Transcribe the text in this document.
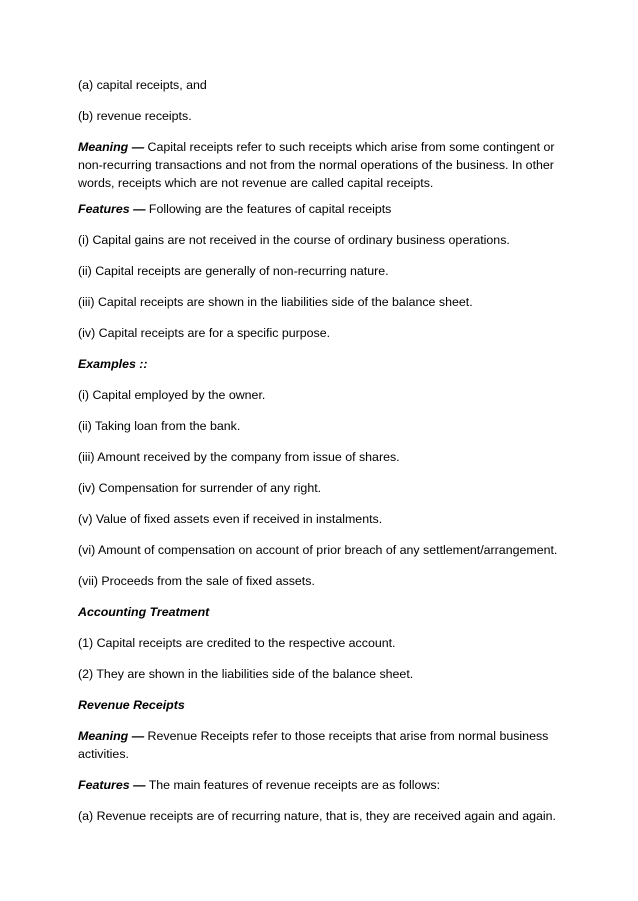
(a) capital receipts, and

(b) revenue receipts.

Meaning — Capital receipts refer to such receipts which arise from some contingent or
non-recurring transactions and not from the normal operations of the business. In other
words, receipts which are not revenue are called capital receipts.

Features — Following are the features of capital receipts

(i) Capital gains are not received in the course of ordinary business operations.

(ii) Capital receipts are generally of non-recurring nature.

(iii) Capital receipts are shown in the liabilities side of the balance sheet.

(iv) Capital receipts are for a specific purpose.

Examples ::

(i) Capital employed by the owner.

(ii) Taking loan from the bank.

(iii) Amount received by the company from issue of shares.

(iv) Compensation for surrender of any right.

(v) Value of fixed assets even if received in instalments.

(vi) Amount of compensation on account of prior breach of any settlement/arrangement.

(vii) Proceeds from the sale of fixed assets.

Accounting Treatment

(1) Capital receipts are credited to the respective account.

(2) They are shown in the liabilities side of the balance sheet.

Revenue Receipts

Meaning — Revenue Receipts refer to those receipts that arise from normal business
activities.

Features — The main features of revenue receipts are as follows:

(a) Revenue receipts are of recurring nature, that is, they are received again and again.
